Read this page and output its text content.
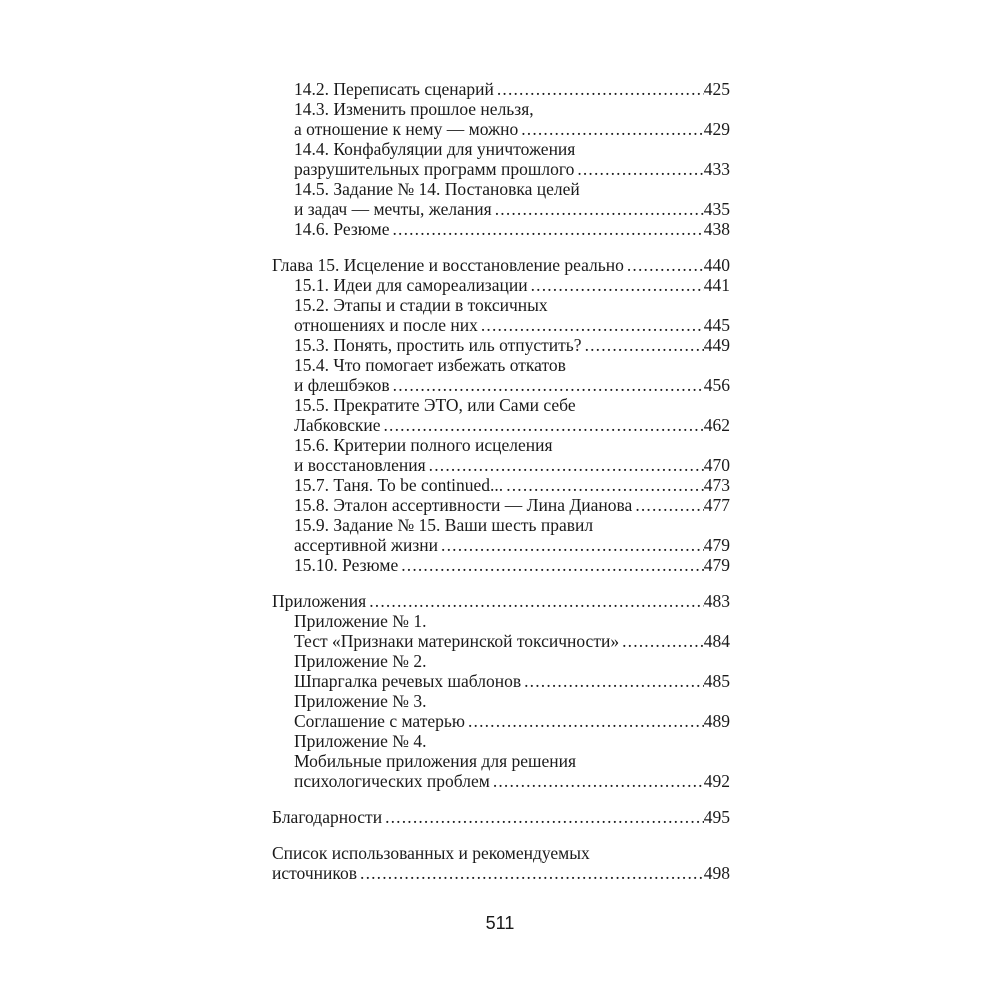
14.2. Переписать сценарий . . .	425
14.3. Изменить прошлое нельзя,
а отношение к нему — можно . . .	429
14.4. Конфабуляции для уничтожения
разрушительных программ прошлого . . .	433
14.5. Задание № 14. Постановка целей
и задач — мечты, желания . . .	435
14.6. Резюме . . .	438
Глава 15. Исцеление и восстановление реально . . .	440
15.1. Идеи для самореализации . . .	441
15.2. Этапы и стадии в токсичных
отношениях и после них . . .	445
15.3. Понять, простить иль отпустить? . . .	449
15.4. Что помогает избежать откатов
и флешбэков . . .	456
15.5. Прекратите ЭТО, или Сами себе
Лабковские . . .	462
15.6. Критерии полного исцеления
и восстановления . . .	470
15.7. Таня. To be continued... . . .	473
15.8. Эталон ассертивности — Лина Дианова . . .	477
15.9. Задание № 15. Ваши шесть правил
ассертивной жизни . . .	479
15.10. Резюме . . .	479
Приложения . . .	483
Приложение № 1.
Тест «Признаки материнской токсичности» . . .	484
Приложение № 2.
Шпаргалка речевых шаблонов . . .	485
Приложение № 3.
Соглашение с матерью . . .	489
Приложение № 4.
Мобильные приложения для решения
психологических проблем . . .	492
Благодарности . . .	495
Список использованных и рекомендуемых
источников . . .	498
511
